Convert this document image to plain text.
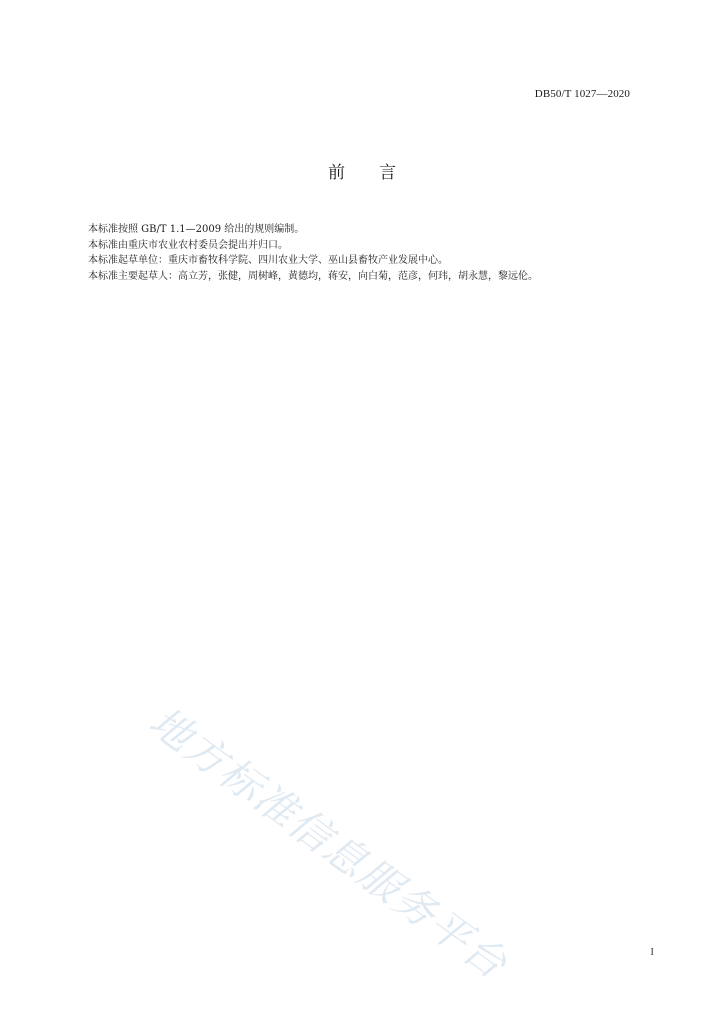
DB50/T 1027—2020
前 言

本标准按照 GB/T 1.1—2009 给出的规则编制。

本标准由重庆市农业农村委员会提出并归口。

本标准起草单位：重庆市畜牧科学院、四川农业大学、巫山县畜牧产业发展中心。

本标准主要起草人：高立芳，张健，周树峰，黄德均，蒋安，向白菊，范彦，何玮，胡永慧，黎远伦。

地方标准信息服务平台	I
